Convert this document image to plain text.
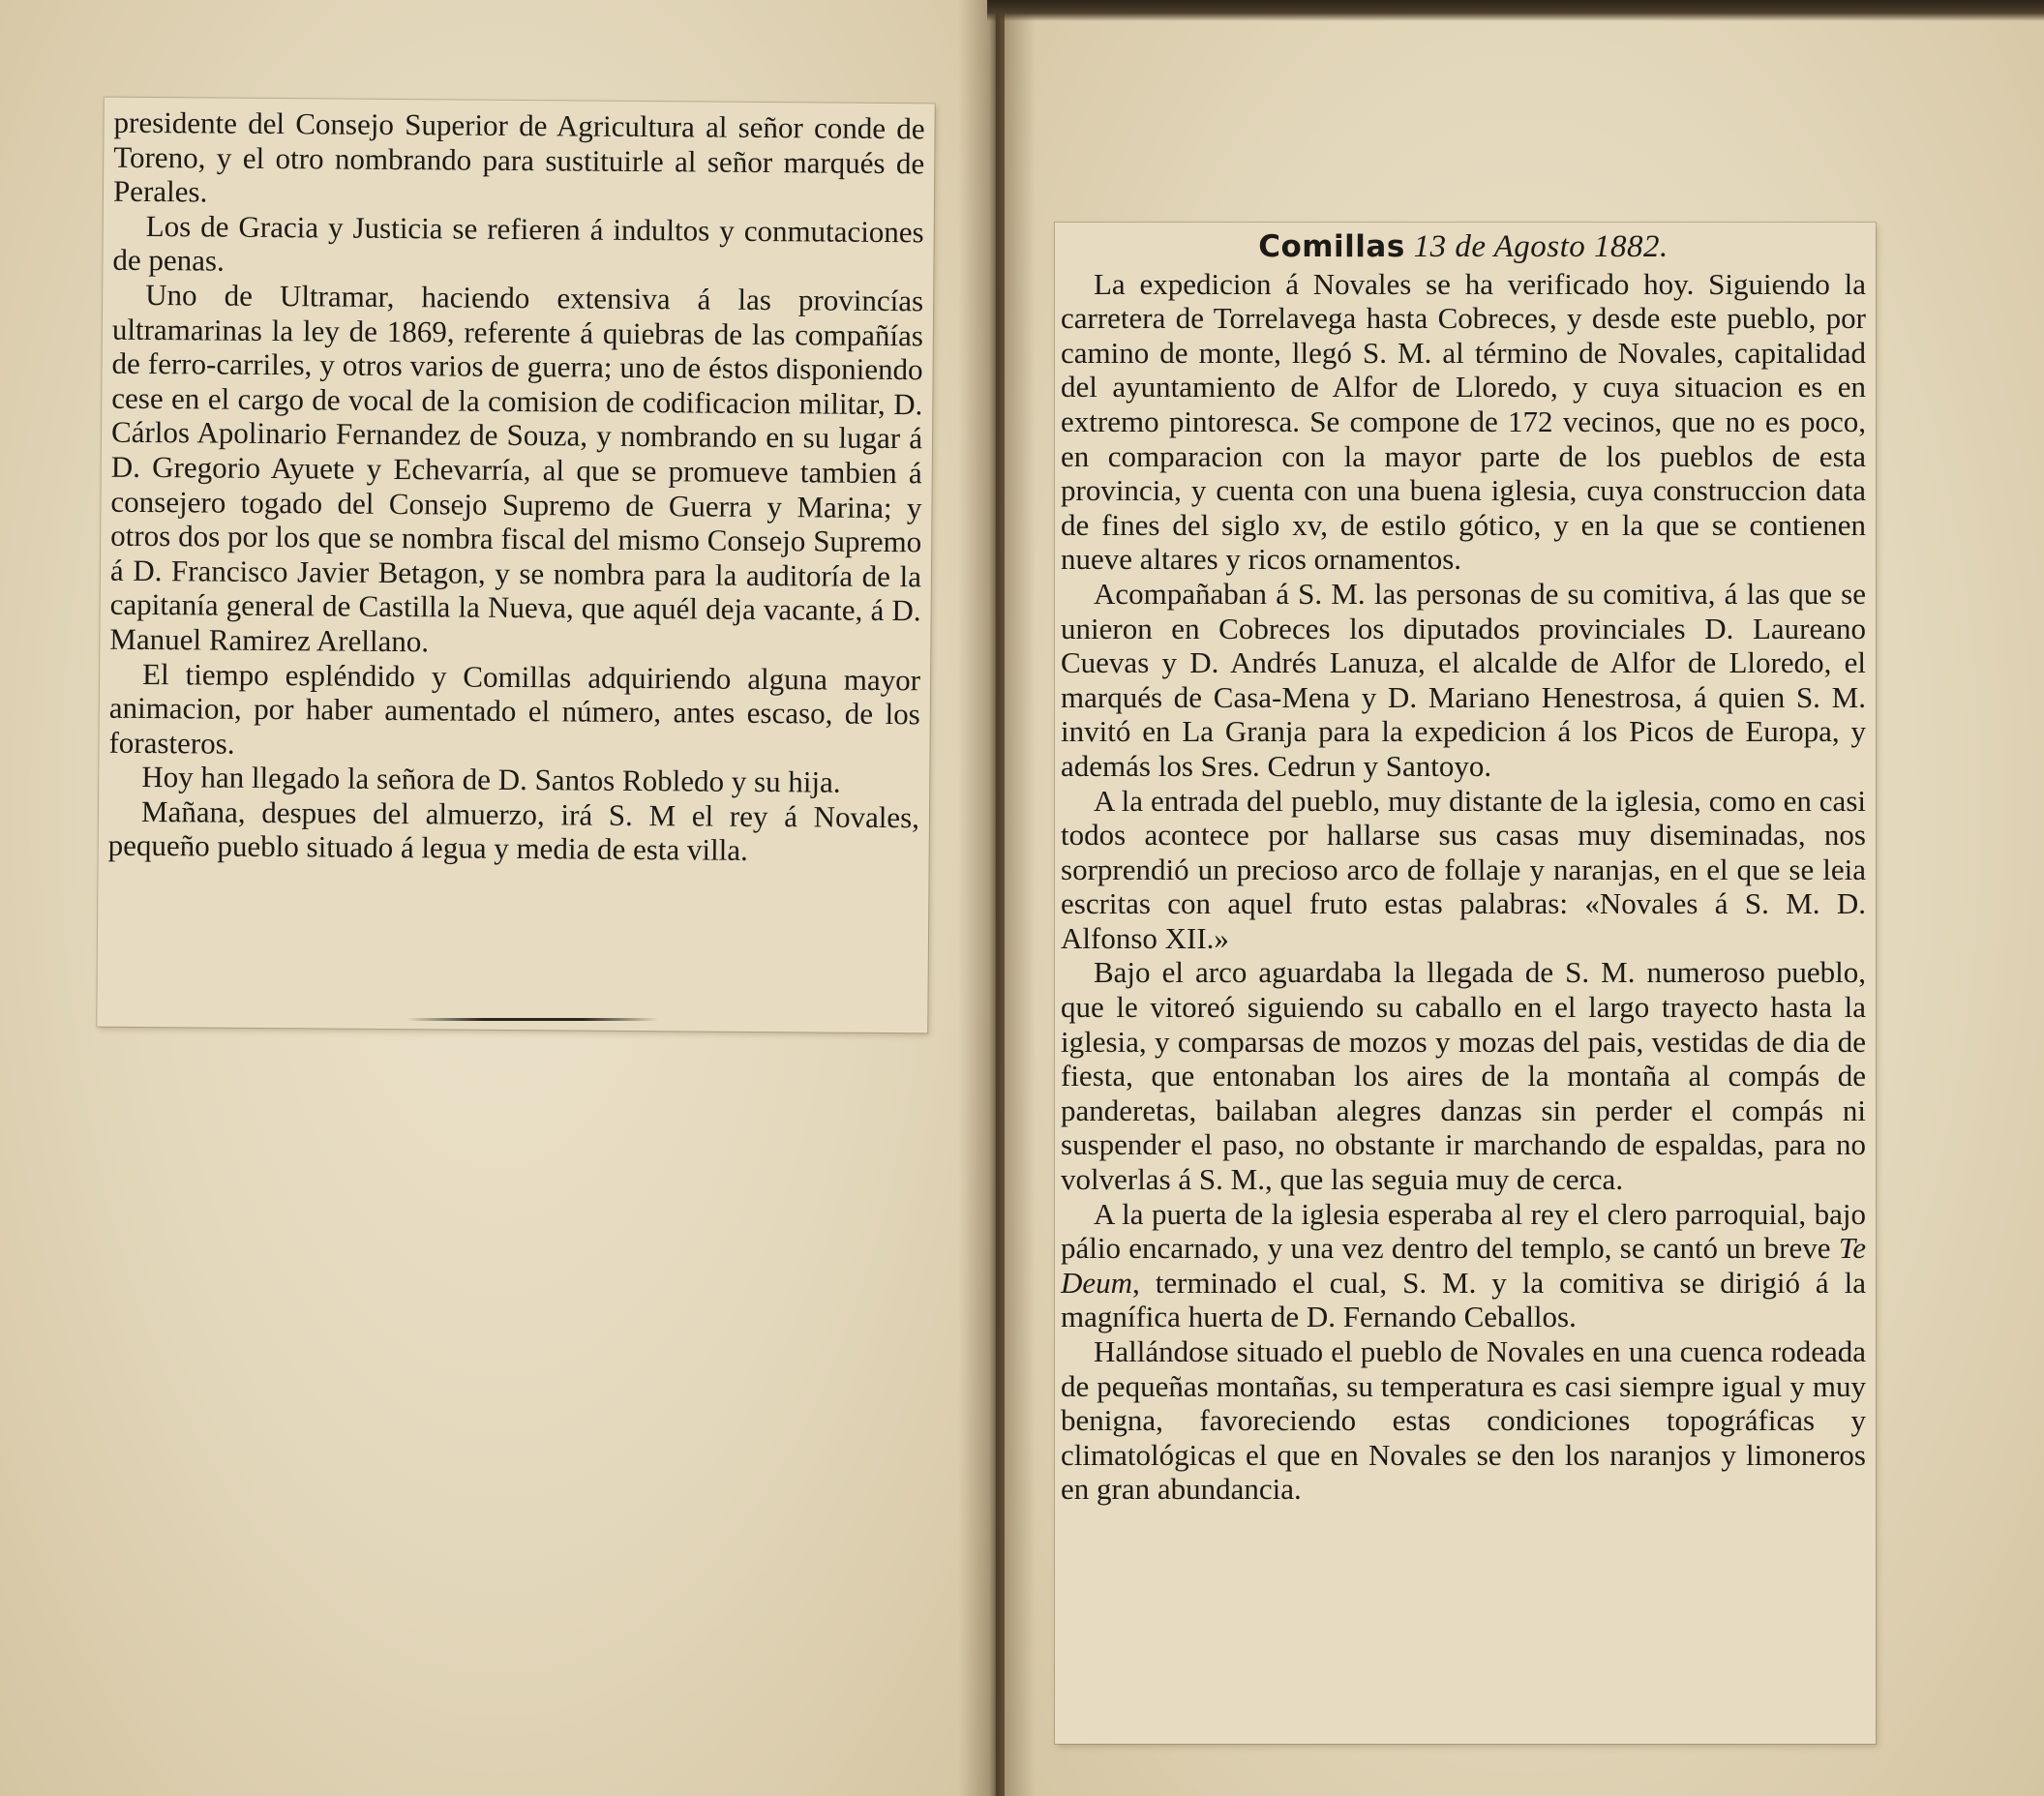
presidente del Consejo Superior de Agricultura al señor conde de Toreno, y el otro nombrando para sustituirle al señor marqués de Perales.

Los de Gracia y Justicia se refieren á indultos y conmutaciones de penas.

Uno de Ultramar, haciendo extensiva á las provincías ultramarinas la ley de 1869, referente á quiebras de las compañías de ferro-carriles, y otros varios de guerra; uno de éstos disponiendo cese en el cargo de vocal de la comision de codificacion militar, D. Cárlos Apolinario Fernandez de Souza, y nombrando en su lugar á D. Gregorio Ayuete y Echevarría, al que se promueve tambien á consejero togado del Consejo Supremo de Guerra y Marina; y otros dos por los que se nombra fiscal del mismo Consejo Supremo á D. Francisco Javier Betagon, y se nombra para la auditoría de la capitanía general de Castilla la Nueva, que aquél deja vacante, á D. Manuel Ramirez Arellano.

El tiempo espléndido y Comillas adquiriendo alguna mayor animacion, por haber aumentado el número, antes escaso, de los forasteros.

Hoy han llegado la señora de D. Santos Robledo y su hija.

Mañana, despues del almuerzo, irá S. M el rey á Novales, pequeño pueblo situado á legua y media de esta villa.

Comillas 13 de Agosto 1882.

La expedicion á Novales se ha verificado hoy. Siguiendo la carretera de Torrelavega hasta Cobreces, y desde este pueblo, por camino de monte, llegó S. M. al término de Novales, capitalidad del ayuntamiento de Alfor de Lloredo, y cuya situacion es en extremo pintoresca. Se compone de 172 vecinos, que no es poco, en comparacion con la mayor parte de los pueblos de esta provincia, y cuenta con una buena iglesia, cuya construccion data de fines del siglo xv, de estilo gótico, y en la que se contienen nueve altares y ricos ornamentos.

Acompañaban á S. M. las personas de su comitiva, á las que se unieron en Cobreces los diputados provinciales D. Laureano Cuevas y D. Andrés Lanuza, el alcalde de Alfor de Lloredo, el marqués de Casa-Mena y D. Mariano Henestrosa, á quien S. M. invitó en La Granja para la expedicion á los Picos de Europa, y además los Sres. Cedrun y Santoyo.

A la entrada del pueblo, muy distante de la iglesia, como en casi todos acontece por hallarse sus casas muy diseminadas, nos sorprendió un precioso arco de follaje y naranjas, en el que se leia escritas con aquel fruto estas palabras: «Novales á S. M. D. Alfonso XII.»

Bajo el arco aguardaba la llegada de S. M. numeroso pueblo, que le vitoreó siguiendo su caballo en el largo trayecto hasta la iglesia, y comparsas de mozos y mozas del pais, vestidas de dia de fiesta, que entonaban los aires de la montaña al compás de panderetas, bailaban alegres danzas sin perder el compás ni suspender el paso, no obstante ir marchando de espaldas, para no volverlas á S. M., que las seguia muy de cerca.

A la puerta de la iglesia esperaba al rey el clero parroquial, bajo pálio encarnado, y una vez dentro del templo, se cantó un breve Te Deum, terminado el cual, S. M. y la comitiva se dirigió á la magnífica huerta de D. Fernando Ceballos.

Hallándose situado el pueblo de Novales en una cuenca rodeada de pequeñas montañas, su temperatura es casi siempre igual y muy benigna, favoreciendo estas condiciones topográficas y climatológicas el que en Novales se den los naranjos y limoneros en gran abundancia.
